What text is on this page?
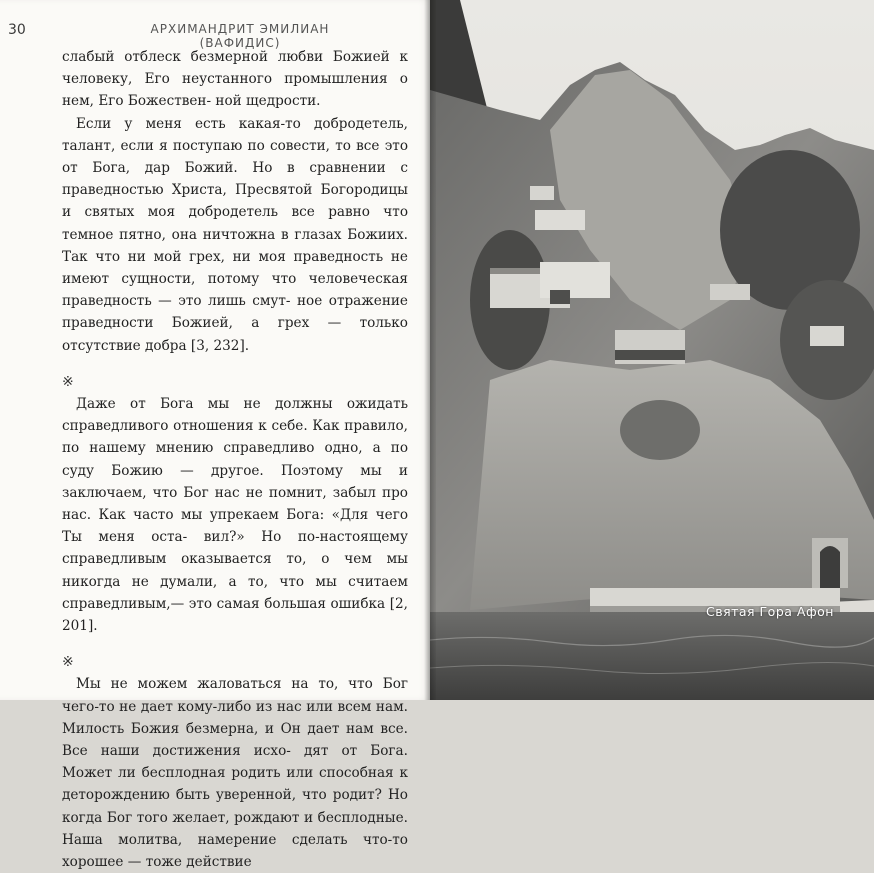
30	АРХИМАНДРИТ ЭМИЛИАН (ВАФИДИС)

слабый отблеск безмерной любви Божией к человеку, Его неустанного промышления о нем, Его Божествен- ной щедрости.

Если у меня есть какая-то добродетель, талант, если я поступаю по совести, то все это от Бога, дар Божий. Но в сравнении с праведностью Христа, Пресвятой Богородицы и святых моя добродетель все равно что темное пятно, она ничтожна в глазах Божиих. Так что ни мой грех, ни моя праведность не имеют сущности, потому что человеческая праведность — это лишь смут- ное отражение праведности Божией, а грех — только отсутствие добра [3, 232].

※

Даже от Бога мы не должны ожидать справедливого отношения к себе. Как правило, по нашему мнению справедливо одно, а по суду Божию — другое. Поэтому мы и заключаем, что Бог нас не помнит, забыл про нас. Как часто мы упрекаем Бога: «Для чего Ты меня оста- вил?» Но по-настоящему справедливым оказывается то, о чем мы никогда не думали, а то, что мы считаем справедливым,— это самая большая ошибка [2, 201].

※

Мы не можем жаловаться на то, что Бог чего-то не дает кому-либо из нас или всем нам. Милость Божия безмерна, и Он дает нам все. Все наши достижения исхо- дят от Бога. Может ли бесплодная родить или способная к деторождению быть уверенной, что родит? Но когда Бог того желает, рождают и бесплодные. Наша молитва, намерение сделать что-то хорошее — тоже действие

Святая Гора Афон
